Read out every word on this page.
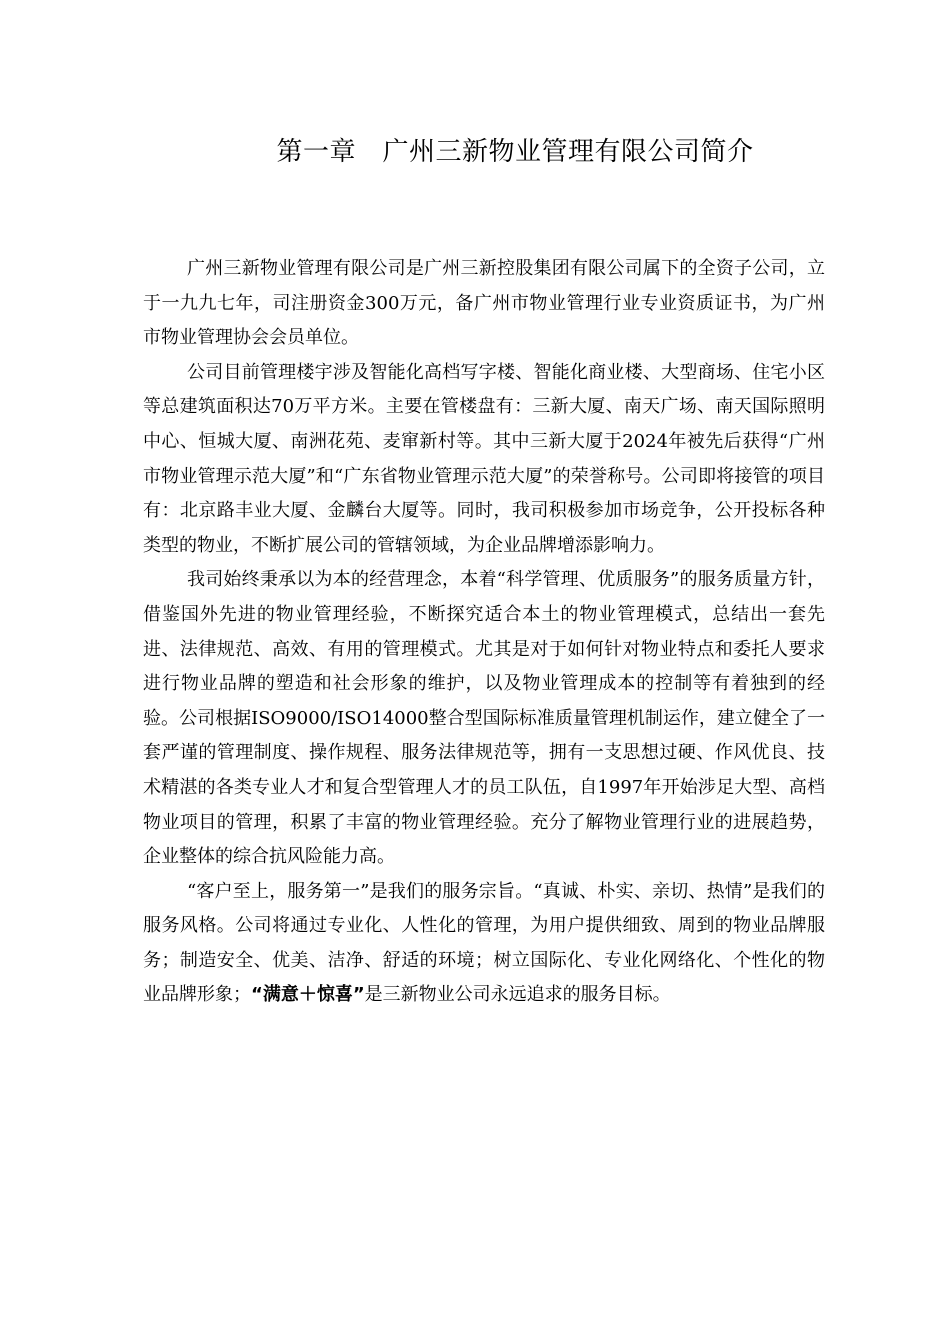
第一章　广州三新物业管理有限公司简介

广州三新物业管理有限公司是广州三新控股集团有限公司属下的全资子公司，立于一九九七年，司注册资金300万元，备广州市物业管理行业专业资质证书，为广州市物业管理协会会员单位。

公司目前管理楼宇涉及智能化高档写字楼、智能化商业楼、大型商场、住宅小区等总建筑面积达70万平方米。主要在管楼盘有：三新大厦、南天广场、南天国际照明中心、恒城大厦、南洲花苑、麦窜新村等。其中三新大厦于2024年被先后获得“广州市物业管理示范大厦”和“广东省物业管理示范大厦”的荣誉称号。公司即将接管的项目有：北京路丰业大厦、金麟台大厦等。同时，我司积极参加市场竞争，公开投标各种类型的物业，不断扩展公司的管辖领域，为企业品牌增添影响力。

我司始终秉承以为本的经营理念，本着“科学管理、优质服务”的服务质量方针，借鉴国外先进的物业管理经验，不断探究适合本土的物业管理模式，总结出一套先进、法律规范、高效、有用的管理模式。尤其是对于如何针对物业特点和委托人要求进行物业品牌的塑造和社会形象的维护，以及物业管理成本的控制等有着独到的经验。公司根据ISO9000/ISO14000整合型国际标准质量管理机制运作，建立健全了一套严谨的管理制度、操作规程、服务法律规范等，拥有一支思想过硬、作风优良、技术精湛的各类专业人才和复合型管理人才的员工队伍，自1997年开始涉足大型、高档物业项目的管理，积累了丰富的物业管理经验。充分了解物业管理行业的进展趋势，企业整体的综合抗风险能力高。

“客户至上，服务第一”是我们的服务宗旨。“真诚、朴实、亲切、热情”是我们的服务风格。公司将通过专业化、人性化的管理，为用户提供细致、周到的物业品牌服务；制造安全、优美、洁净、舒适的环境；树立国际化、专业化网络化、个性化的物业品牌形象；“满意＋惊喜”是三新物业公司永远追求的服务目标。
